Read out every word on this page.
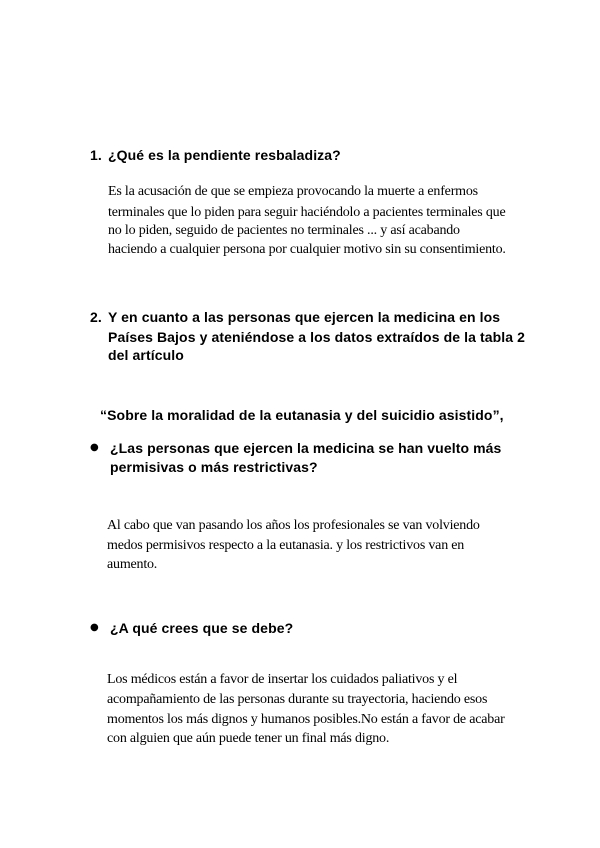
1. ¿Qué es la pendiente resbaladiza?
Es la acusación de que se empieza provocando la muerte a enfermos
terminales que lo piden para seguir haciéndolo a pacientes terminales que
no lo piden, seguido de pacientes no terminales ... y así acabando
haciendo a cualquier persona por cualquier motivo sin su consentimiento.
2. Y en cuanto a las personas que ejercen la medicina en los
Países Bajos y ateniéndose a los datos extraídos de la tabla 2
del artículo
“Sobre la moralidad de la eutanasia y del suicidio asistido”,
● ¿Las personas que ejercen la medicina se han vuelto más
permisivas o más restrictivas?
Al cabo que van pasando los años los profesionales se van volviendo
medos permisivos respecto a la eutanasia. y los restrictivos van en
aumento.
● ¿A qué crees que se debe?
Los médicos están a favor de insertar los cuidados paliativos y el
acompañamiento de las personas durante su trayectoria, haciendo esos
momentos los más dignos y humanos posibles.No están a favor de acabar
con alguien que aún puede tener un final más digno.
